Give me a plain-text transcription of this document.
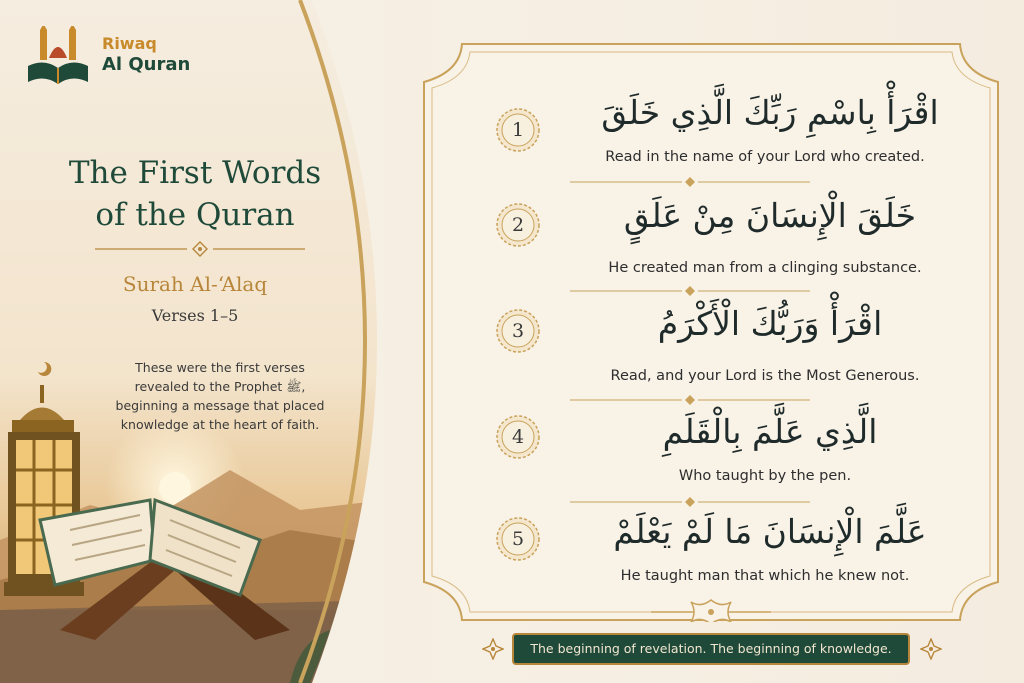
Riwaq
Al Quran
The First Words
of the Quran
Surah Al-‘Alaq
Verses 1–5
These were the first verses
revealed to the Prophet ﷺ,
beginning a message that placed
knowledge at the heart of faith.
1	اقْرَأْ بِاسْمِ رَبِّكَ الَّذِي خَلَقَ
Read in the name of your Lord who created.
2	خَلَقَ الْإِنسَانَ مِنْ عَلَقٍ
He created man from a clinging substance.
3	اقْرَأْ وَرَبُّكَ الْأَكْرَمُ
Read, and your Lord is the Most Generous.
4	الَّذِي عَلَّمَ بِالْقَلَمِ
Who taught by the pen.
5	عَلَّمَ الْإِنسَانَ مَا لَمْ يَعْلَمْ
He taught man that which he knew not.
The beginning of revelation. The beginning of knowledge.
